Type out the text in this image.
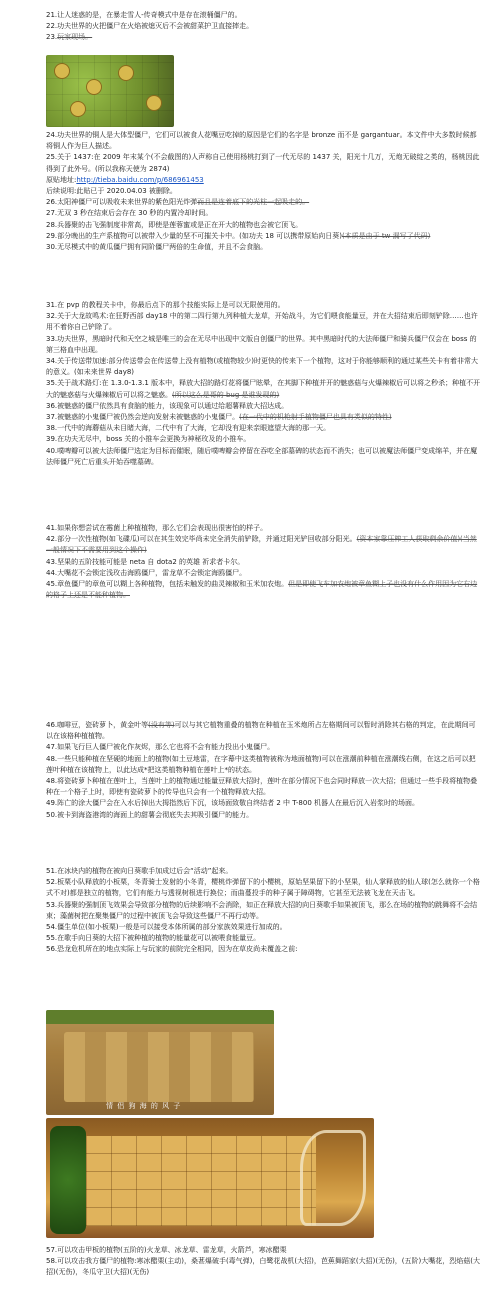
21.让人迷惑的是，在暴走雪人-传奇模式中是存在滚桶僵尸的。

22.功夫世界的火把僵尸在火焰被熄灭后不会被甜菜护卫直接摔走。

23.玩家现场。

24.功夫世界的铜人是大体型僵尸，它们可以被食人花嘴豆吃掉的原因是它们的名字是 bronze 而不是 gargantuar。本文件中大多数时候都将铜人作为巨人描述。

25.关于 1437:在 2009 年末某个(不会截图的)人声称自己使用杨桃打到了一代无尽的 1437 关，阳光十几万，无炮无破绽之类的，杨桃因此得到了此外号。(所以我称天使为 2874)

原贴地址:http://tieba.baidu.com/p/686961453

后续说明:此贴已于 2020.04.03 被删除。

26.太阳神僵尸可以吸收未来世界的紫色阳光炸弹而且是连着底下的光柱一起吸走的。

27.无双 3 秒在结束后会存在 30 秒的内置冷却时间。

28.兵器聚的击飞强制度非常高，即使是莲蓉蜜或是正在开大的植物也会被它顶飞。

29.部分晚出的生产系植物可以被带入少量的坚不可摧关卡中。(如功夫 18 可以携带原始向日葵)(本质是由于 tw 漏写了代码)

30.无尽模式中的黄瓜僵尸拥有同阶僵尸两倍的生命值，并且不会食脑。

31.在 pvp 的教程关卡中，你最后点下的那个技能实际上是可以无限使用的。

32.关于大龙故鸣术:在狂野西部 day18 中的第二四行第九列种植大龙草，开始战斗，为它们喂食能量豆，并在大招结束后即刻铲除……也许用不着你自己铲除了。

33.功夫世界，黑暗时代和天空之城是唯三的会在无尽中出现中文版自创僵尸的世界。其中黑暗时代的大法师僵尸和骑兵僵尸仅会在 boss 的第三格血中出现。

34.关于传送带加速:部分传送带会在传送带上没有植物(或植物较少)时更快的传来下一个植物，这对于你能够顺利的通过某些关卡有着非常大的意义。(如未来世界 day8)

35.关于战术路灯:在 1.3.0-1.3.1 版本中，释放大招的路灯花将僵尸眩晕，在其脚下种植并开的魅惑菇与火爆辣椒后可以将之秒杀；种植不开大的魅惑菇与火爆辣椒后可以将之魅惑。(所以这么是哥的 bug 是谁发现的)

36.被魅惑的僵尸依然具有食脑的能力，该现象可以通过给超薯释放大招达成。

37.被魅惑的小鬼僵尸被仍然会逆向发射未被魅惑的小鬼僵尸。(在一代中的机枪射手植物僵尸也具有类似的特性)

38.一代中的海蘑菇从未目睹大海，二代中有了大海，它却没有迎来亲眼遮望大海的那一天。

39.在功夫无尽中，boss 关的小推车会更换为神秘玫及的小推车。

40.噗啤瓣可以被大法师僵尸选定为目标而催眠，随后噗啤瓣会停留在吞吃全部墓碑的状态而不消失；也可以被魔法师僵尸变成绵羊，并在魔法师僵尸死亡后重头开始吞噬墓碑。

41.如果你想尝试在霉菌上种植植物，那么它们会表现出很害怕的样子。

42.部分一次性植物(如飞碟瓜)可以在其生效完毕尚未完全消失前铲除，并通过阳光铲回收部分阳光。(资本家靠压榨工人获取剩余价值)(当然一般情况下不需要用到这个操作)

43.坚果的五阶技能可能是 neta 自 dota2 的英雄 祈求者卡尔。

44.大嘴花不会锁定浅玫击海鸥僵尸，雷龙草不会锁定海鸥僵尸。

45.章鱼僵尸的章鱼可以糊上各种植物，包括未触发的曲灵辣椒和玉米加农炮。但是即使飞车加农炮被章鱼糊上子也没有什么作用因为它右边的格子上还是不能种植物。

46.咖啡豆，瓷砖萝卜，黄金叶等(没有等)可以与其它植物重叠的植物在种植在玉米炮所占左格期间可以暂时消除其右格的判定，在此期间可以在该格种植植物。

47.如果飞行巨人僵尸被化作灰烬，那么它也将不会有能力投出小鬼僵尸。

48.一些只能种植在坚硬的地面上的植物(如土豆地雷，在字幕中这类植物被称为地面植物)可以在涨潮前种植在涨潮线右侧，在这之后可以把莲叶种植在该植物上，以此达成*把这类植物种植在莲叶上*的状态。

48.将瓷砖萝卜种植在莲叶上，当莲叶上的植物通过能量豆释放大招时，莲叶在部分情况下也会同时释放一次大招；但通过一些手段将植物叠种在一个格子上时，即使有瓷砖萝卜的传导也只会有一个植物释放大招。

49.阵亡的涂大僵尸会在入水后掉出大拇指然后下沉，该场面致敬自终结者 2 中 T-800 机器人在最后沉入岩浆时的场面。

50.被卡到海盗港湾的海面上的甜薯会彻底失去其吸引僵尸的能力。

51.在冰块内的植物在被向日葵歌手加成过后会“活动”起来。

52.板栗小队释放的小板栗，冬青骑士发射的小冬青，樱桃炸弹留下的小樱桃，原始坚果留下的小坚果，仙人掌释放的仙人球(怎么就你一个格式不对)都是独立的植物，它们有能力与透视树根进行换位；而曲蔓投手的种子属于障碍物，它甚至无法被飞龙在天击飞。

53.兵器聚的强制顶飞效果会导致部分植物的后续影响不会消除，如正在释放大招的向日葵歌手如果被顶飞，那么在场的植物的跳舞将不会结束；藻菌树把在聚集僵尸的过程中被顶飞会导致这些僵尸不再行动等。

54.僵生单位(如小板栗)一般是可以接受本体所属的部分家族效果进行加成的。

55.在歌手向日葵的大招下被种植的植物的能量花可以被喂食能量豆。

56.恐龙危机所在的地点实际上与玩家的前院完全相同，因为在草皮尚未覆盖之前:

情 侣 狗 海 的 风 子

57.可以攻击甲板的植物(五阶的)火龙草、冰龙草、雷龙草，火箭芦，寒冰醋栗

58.可以攻击我方僵尸的植物:寒冰醋栗(主动)，桑葚爆破手(毒气弹)，白鹭花战机(大招)，芭蕉舞蹈家(大招)(无伤)，(五阶)大嘴花，烈焰菇(大招)(无伤)，冬瓜守卫(大招)(无伤)
